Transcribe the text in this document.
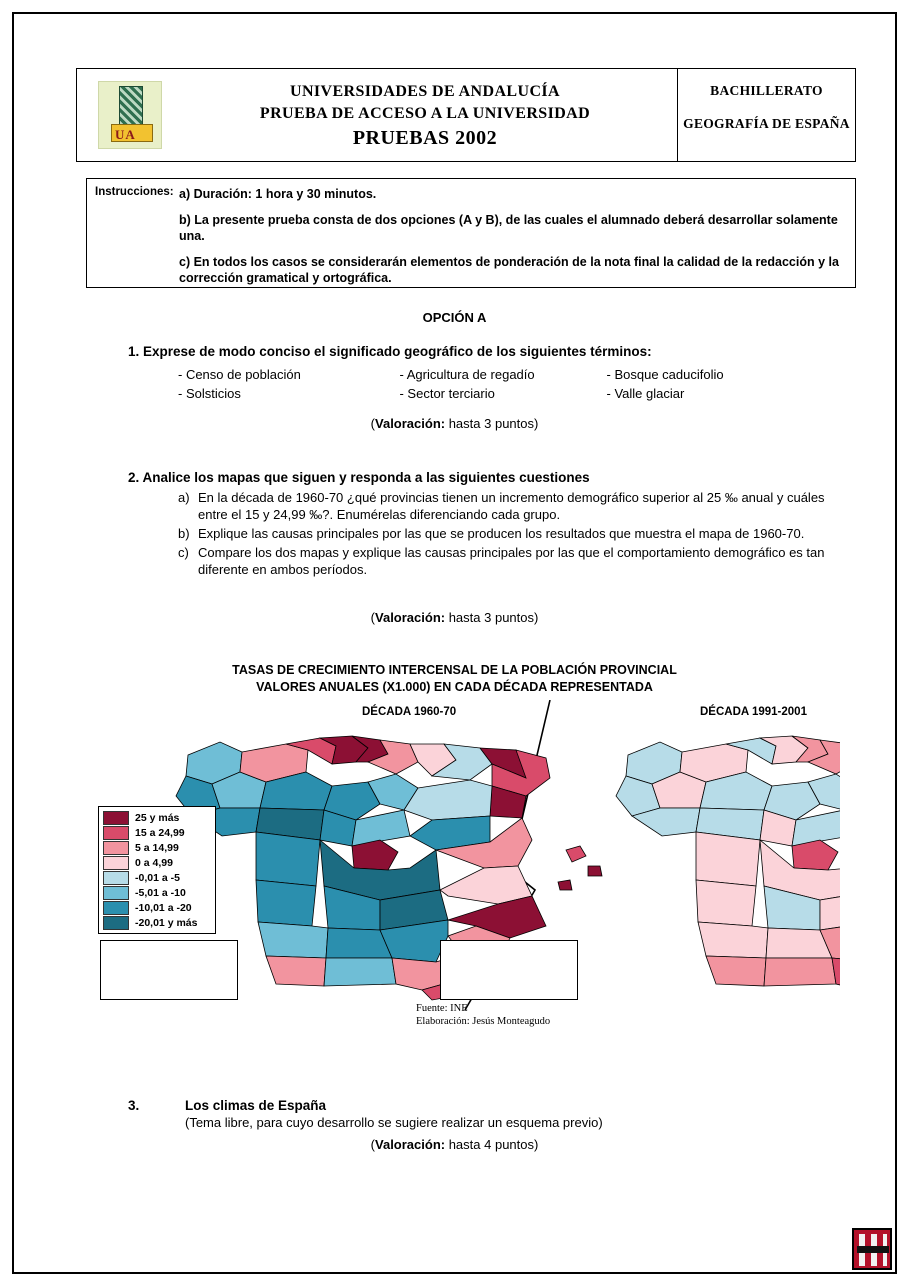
UA
UNIVERSIDADES DE ANDALUCÍA
PRUEBA DE ACCESO A LA UNIVERSIDAD
PRUEBAS 2002
BACHILLERATO
GEOGRAFÍA DE ESPAÑA
Instrucciones: a) Duración: 1 hora y 30 minutos.

b) La presente prueba consta de dos opciones (A y B), de las cuales el alumnado deberá desarrollar solamente una.

c) En todos los casos se considerarán elementos de ponderación de la nota final la calidad de la redacción y la corrección gramatical y ortográfica.

OPCIÓN A
1. Exprese de modo conciso el significado geográfico de los siguientes términos:
- Censo de población	- Agricultura de regadío	- Bosque caducifolio
- Solsticios	- Sector terciario	- Valle glaciar
(Valoración: hasta 3 puntos)
2. Analice los mapas que siguen y responda a las siguientes cuestiones
a) En la década de 1960-70 ¿qué provincias tienen un incremento demográfico superior al 25 ‰ anual y cuáles entre el 15 y 24,99 ‰?. Enumérelas diferenciando cada grupo.
b) Explique las causas principales por las que se producen los resultados que muestra el mapa de 1960-70.
c) Compare los dos mapas y explique las causas principales por las que el comportamiento demográfico es tan diferente en ambos períodos.
(Valoración: hasta 3 puntos)
TASAS DE CRECIMIENTO INTERCENSAL DE LA POBLACIÓN PROVINCIAL
VALORES ANUALES (X1.000) EN CADA DÉCADA REPRESENTADA
DÉCADA 1960-70	DÉCADA 1991-2001
25 y más
15 a 24,99
5 a 14,99
0 a 4,99
-0,01 a -5
-5,01 a -10
-10,01 a -20
-20,01 y más
Fuente: INE
Elaboración: Jesús Monteagudo
3.	Los climas de España
(Tema libre, para cuyo desarrollo se sugiere realizar un esquema previo)
(Valoración: hasta 4 puntos)
